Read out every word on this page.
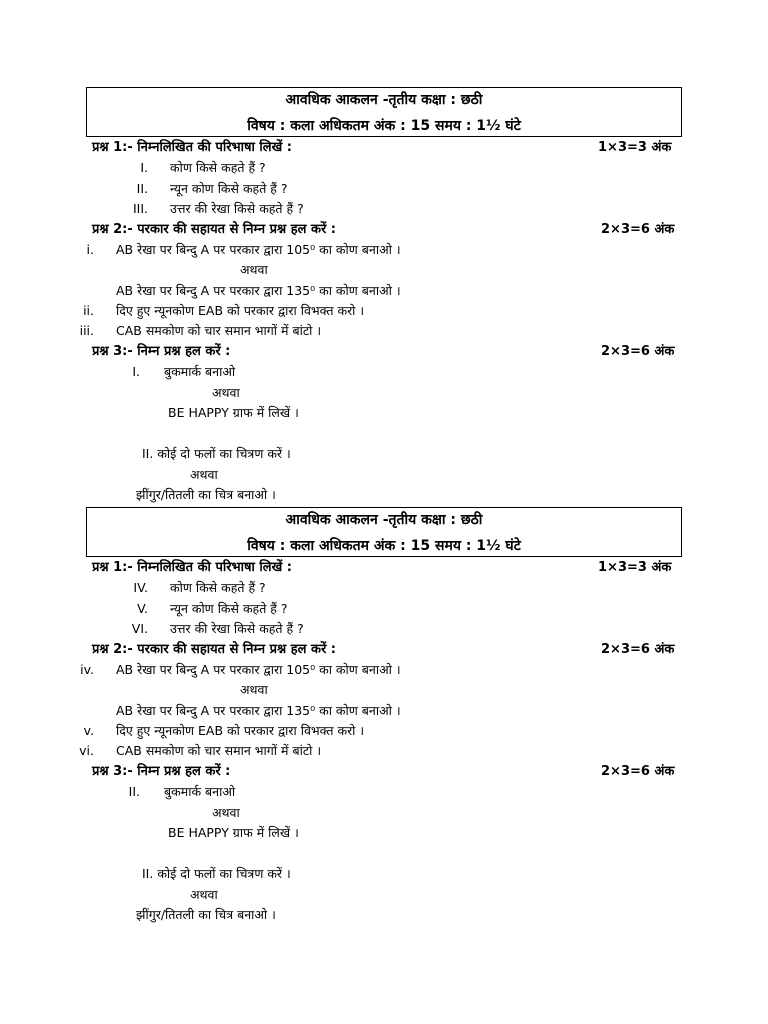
आवधिक आकलन -तृतीय कक्षा : छठी
विषय : कला अधिकतम अंक : 15 समय : 1½ घंटे
प्रश्न 1:- निम्नलिखित की परिभाषा लिखें :	1×3=3 अंक
I. कोण किसे कहते हैं ?
II. न्यून कोण किसे कहते हैं ?
III. उत्तर की रेखा किसे कहते हैं ?
प्रश्न 2:- परकार की सहायत से निम्न प्रश्न हल करें :	2×3=6 अंक
i. AB रेखा पर बिन्दु A पर परकार द्वारा 105⁰ का कोण बनाओ ।
अथवा
AB रेखा पर बिन्दु A पर परकार द्वारा 135⁰ का कोण बनाओ ।
ii. दिए हुए न्यूनकोण EAB को परकार द्वारा विभक्त करो ।
iii. CAB समकोण को चार समान भागों में बांटो ।
प्रश्न 3:- निम्न प्रश्न हल करें :	2×3=6 अंक
I. बुकमार्क बनाओ
अथवा
BE HAPPY ग्राफ में लिखें ।
II. कोई दो फलों का चित्रण करें ।
अथवा
झींगुर/तितली का चित्र बनाओ ।
आवधिक आकलन -तृतीय कक्षा : छठी
विषय : कला अधिकतम अंक : 15 समय : 1½ घंटे
प्रश्न 1:- निम्नलिखित की परिभाषा लिखें :	1×3=3 अंक
IV. कोण किसे कहते हैं ?
V. न्यून कोण किसे कहते हैं ?
VI. उत्तर की रेखा किसे कहते हैं ?
प्रश्न 2:- परकार की सहायत से निम्न प्रश्न हल करें :	2×3=6 अंक
iv. AB रेखा पर बिन्दु A पर परकार द्वारा 105⁰ का कोण बनाओ ।
अथवा
AB रेखा पर बिन्दु A पर परकार द्वारा 135⁰ का कोण बनाओ ।
v. दिए हुए न्यूनकोण EAB को परकार द्वारा विभक्त करो ।
vi. CAB समकोण को चार समान भागों में बांटो ।
प्रश्न 3:- निम्न प्रश्न हल करें :	2×3=6 अंक
II. बुकमार्क बनाओ
अथवा
BE HAPPY ग्राफ में लिखें ।
II. कोई दो फलों का चित्रण करें ।
अथवा
झींगुर/तितली का चित्र बनाओ ।
